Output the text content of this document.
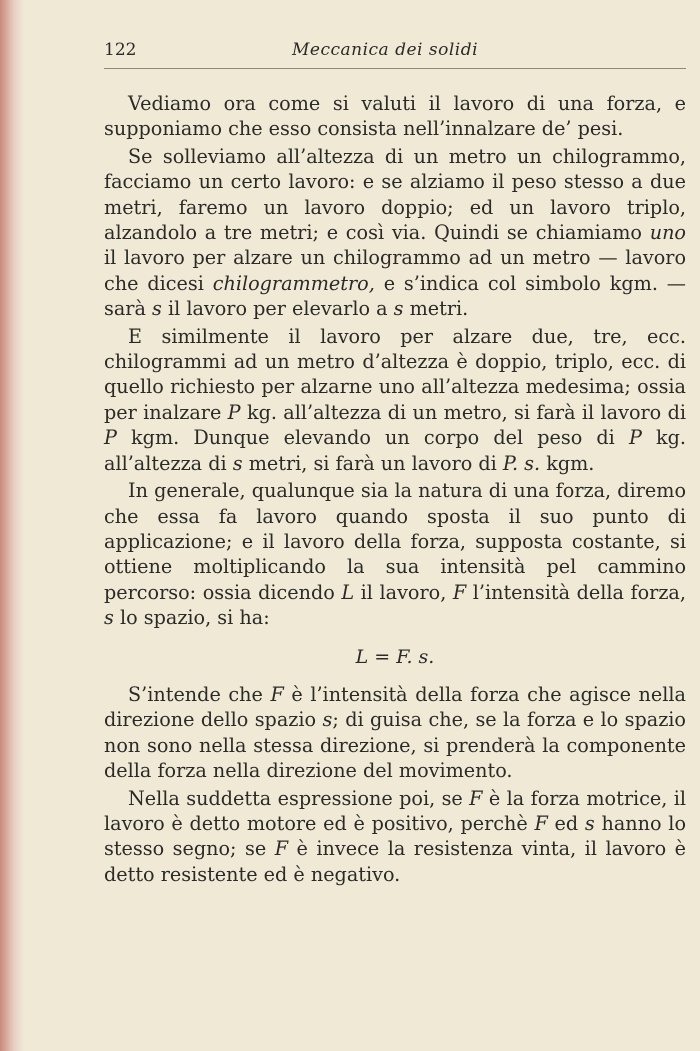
122	Meccanica dei solidi

Vediamo ora come si valuti il lavoro di una forza, e supponiamo che esso consista nell’innalzare de’ pesi.

Se solleviamo all’altezza di un metro un chilogrammo, facciamo un certo lavoro: e se alziamo il peso stesso a due metri, faremo un lavoro doppio; ed un lavoro triplo, alzandolo a tre metri; e così via. Quindi se chiamiamo uno il lavoro per alzare un chilogrammo ad un metro — lavoro che dicesi chilogrammetro, e s’indica col simbolo kgm. — sarà s il lavoro per elevarlo a s metri.

E similmente il lavoro per alzare due, tre, ecc. chilogrammi ad un metro d’altezza è doppio, triplo, ecc. di quello richiesto per alzarne uno all’altezza medesima; ossia per inalzare P kg. all’altezza di un metro, si farà il lavoro di P kgm. Dunque elevando un corpo del peso di P kg. all’altezza di s metri, si farà un lavoro di P. s. kgm.

In generale, qualunque sia la natura di una forza, diremo che essa fa lavoro quando sposta il suo punto di applicazione; e il lavoro della forza, supposta costante, si ottiene moltiplicando la sua intensità pel cammino percorso: ossia dicendo L il lavoro, F l’intensità della forza, s lo spazio, si ha:

L = F. s.

S’intende che F è l’intensità della forza che agisce nella direzione dello spazio s; di guisa che, se la forza e lo spazio non sono nella stessa direzione, si prenderà la componente della forza nella direzione del movimento.

Nella suddetta espressione poi, se F è la forza motrice, il lavoro è detto motore ed è positivo, perchè F ed s hanno lo stesso segno; se F è invece la resistenza vinta, il lavoro è detto resistente ed è negativo.
